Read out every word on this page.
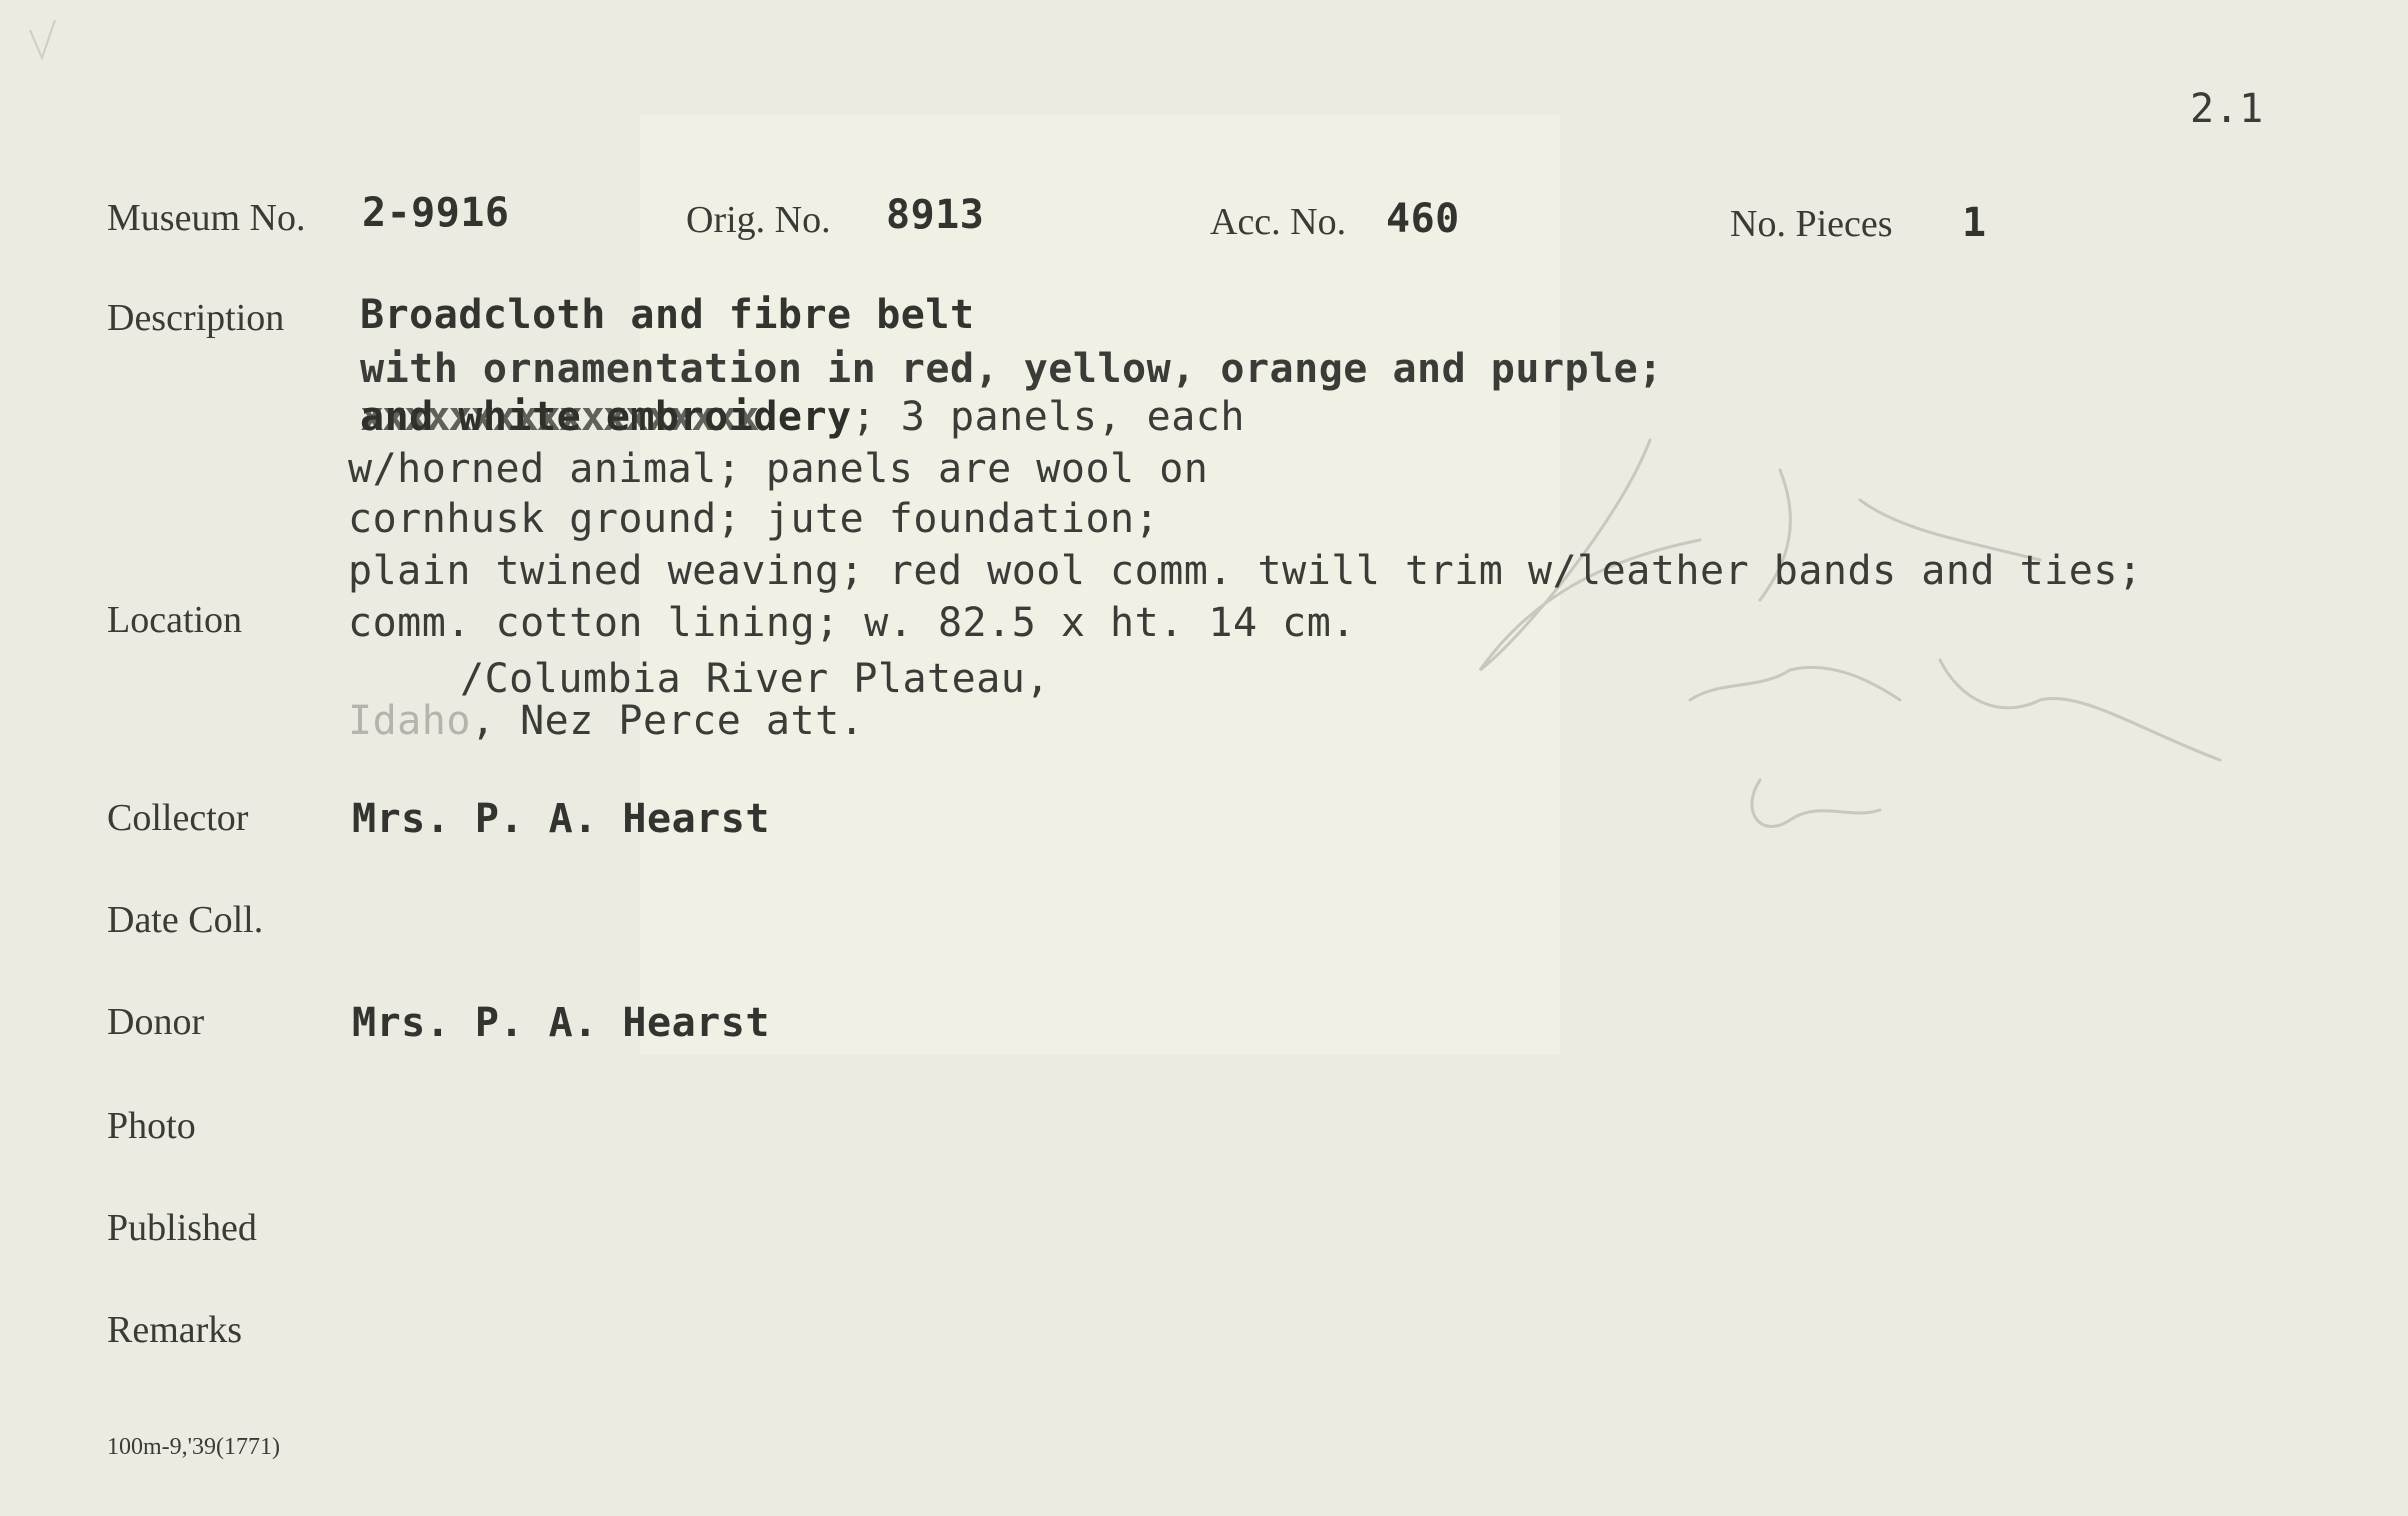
2.1
Museum No. 2-9916	Orig. No. 8913	Acc. No. 460	No. Pieces 1
Description Broadcloth and fibre belt
with ornamentation in red, yellow, orange and purple;
and white embroidery xxxxxxxxxxxxxxxxxx; 3 panels, each
w/horned animal; panels are wool on
cornhusk ground; jute foundation;
plain twined weaving; red wool comm. twill trim w/leather bands and ties;
comm. cotton lining; w. 82.5 x ht. 14 cm.
Location
/Columbia River Plateau,
Idaho, Nez Perce att.
Collector	Mrs. P. A. Hearst
Date Coll.
Donor	Mrs. P. A. Hearst
Photo
Published
Remarks
100m-9,'39(1771)
